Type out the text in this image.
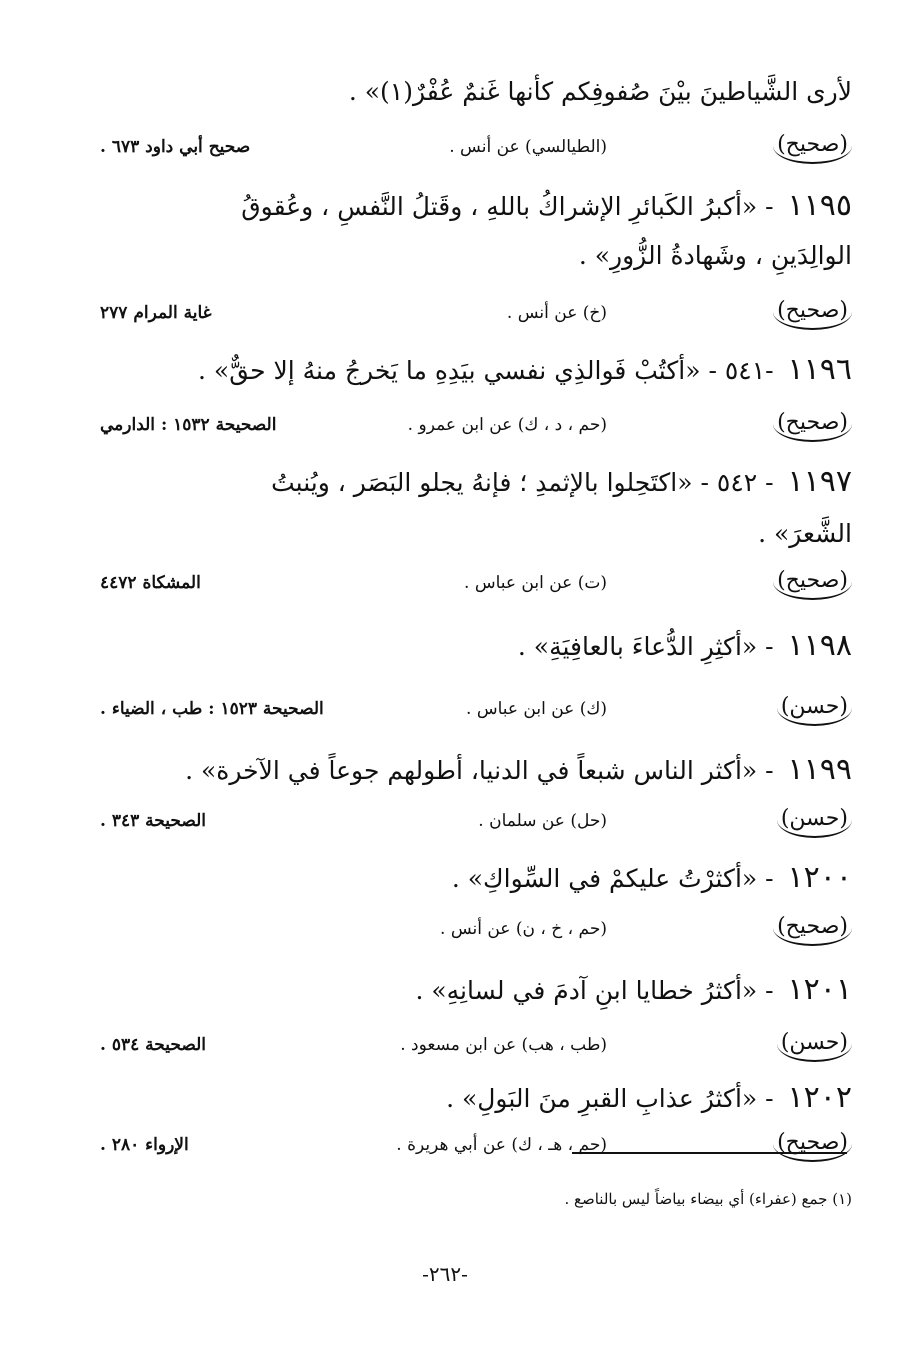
لأرى الشَّياطينَ بيْنَ صُفوفِكم كأنها غَنمٌ عُفْرٌ(١)» .
( صحيح )
(الطيالسي) عن أنس .
صحيح أبي داود ٦٧٣ .
١١٩٥ - «أكبرُ الكَبائرِ الإشراكُ باللهِ ، وقَتلُ النَّفسِ ، وعُقوقُ
الوالِدَينِ ، وشَهادةُ الزُّورِ» .
( صحيح )
(خ) عن أنس .
غاية المرام ٢٧٧
١١٩٦ -٥٤١ - «أكتُبْ فَوالذِي نفسي بيَدِهِ ما يَخرجُ منهُ إلا حقٌّ» .
( صحيح )
(حم ، د ، ك) عن ابن عمرو .
الصحيحة ١٥٣٢ : الدارمي
١١٩٧ - ٥٤٢ - «اكتَحِلوا بالإثمدِ ؛ فإنهُ يجلو البَصَر ، ويُنبتُ
الشَّعرَ» .
( صحيح )
(ت) عن ابن عباس .
المشكاة ٤٤٧٢
١١٩٨ - «أكثِرِ الدُّعاءَ بالعافِيَةِ» .
( حسن )
(ك) عن ابن عباس .
الصحيحة ١٥٢٣ : طب ، الضياء .
١١٩٩ - «أكثر الناس شبعاً في الدنيا، أطولهم جوعاً في الآخرة» .
( حسن )
(حل) عن سلمان .
الصحيحة ٣٤٣ .
١٢٠٠ - «أكثرْتُ عليكمْ في السِّواكِ» .
( صحيح )
(حم ، خ ، ن) عن أنس .
١٢٠١ - «أكثرُ خطايا ابنِ آدمَ في لسانِهِ» .
( حسن )
(طب ، هب) عن ابن مسعود .
الصحيحة ٥٣٤ .
١٢٠٢ - «أكثرُ عذابِ القبرِ منَ البَولِ» .
( صحيح )
(حم ، هـ ، ك) عن أبي هريرة .
الإرواء ٢٨٠ .
(١) جمع (عفراء) أي بيضاء بياضاً ليس بالناصع .
-٢٦٢-
